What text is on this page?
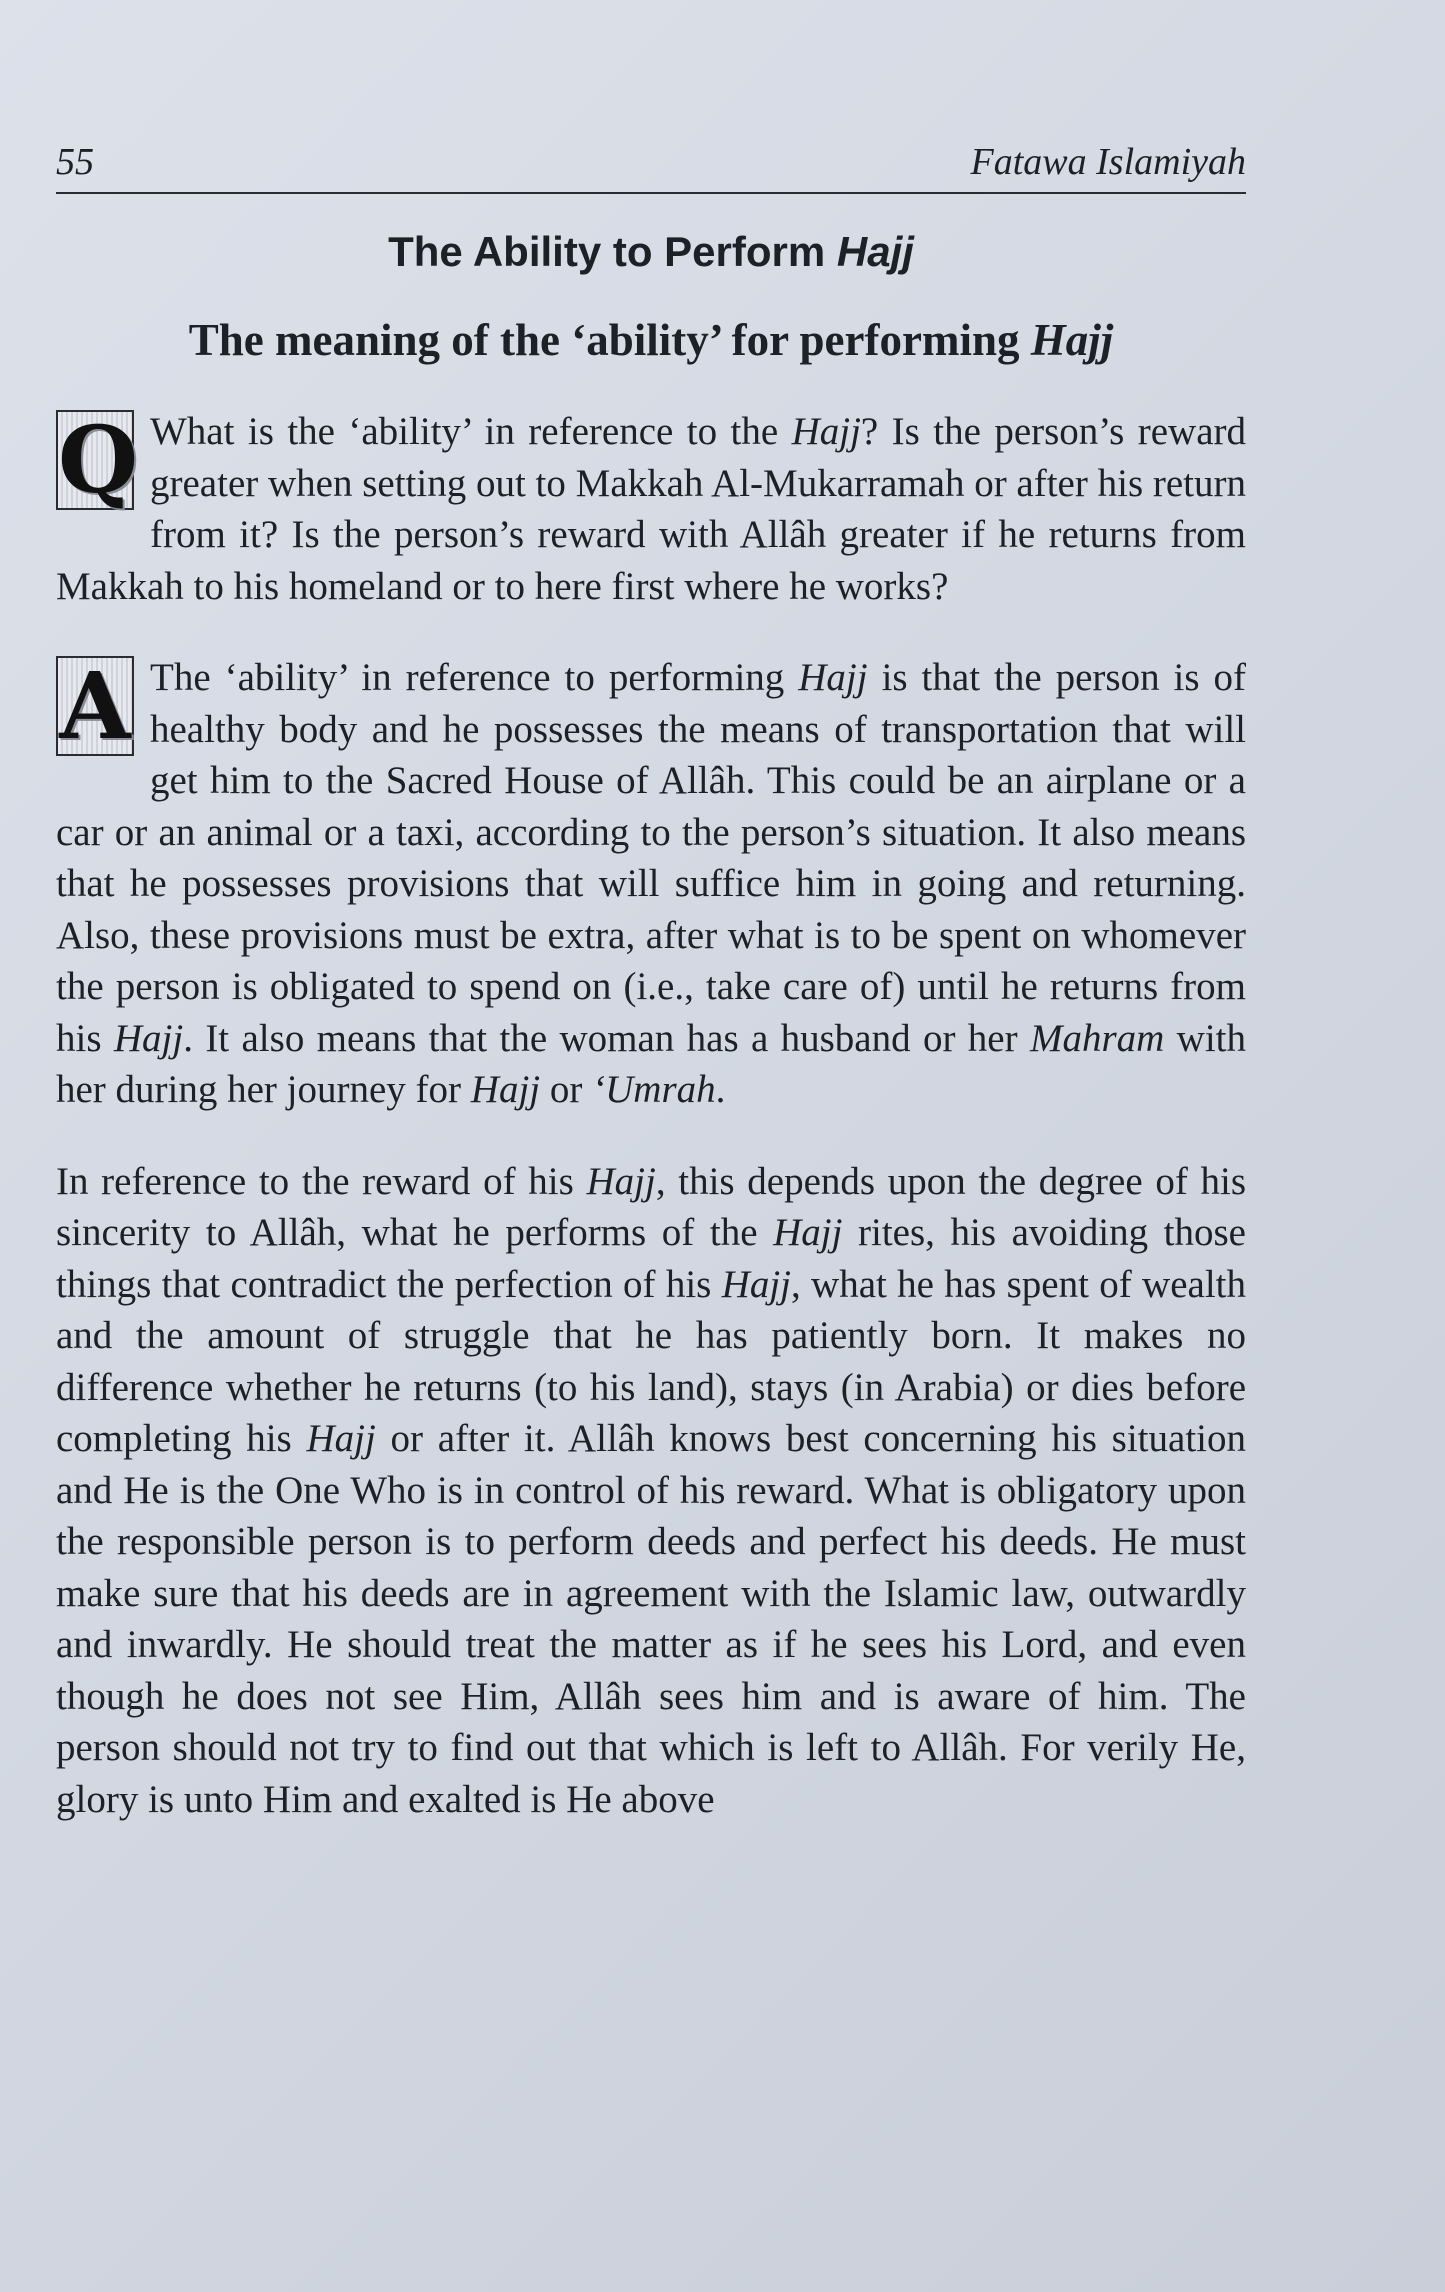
55	Fatawa Islamiyah
The Ability to Perform Hajj
The meaning of the ‘ability’ for performing Hajj

Q What is the ‘ability’ in reference to the Hajj? Is the person’s reward greater when setting out to Makkah Al-Mukarramah or after his return from it? Is the person’s reward with Allâh greater if he returns from Makkah to his homeland or to here first where he works?

A The ‘ability’ in reference to performing Hajj is that the person is of healthy body and he possesses the means of transportation that will get him to the Sacred House of Allâh. This could be an airplane or a car or an animal or a taxi, according to the person’s situation. It also means that he possesses provisions that will suffice him in going and returning. Also, these provisions must be extra, after what is to be spent on whomever the person is obligated to spend on (i.e., take care of) until he returns from his Hajj. It also means that the woman has a husband or her Mahram with her during her journey for Hajj or ‘Umrah.

In reference to the reward of his Hajj, this depends upon the degree of his sincerity to Allâh, what he performs of the Hajj rites, his avoiding those things that contradict the perfection of his Hajj, what he has spent of wealth and the amount of struggle that he has patiently born. It makes no difference whether he returns (to his land), stays (in Arabia) or dies before completing his Hajj or after it. Allâh knows best concerning his situation and He is the One Who is in control of his reward. What is obligatory upon the responsible person is to perform deeds and perfect his deeds. He must make sure that his deeds are in agreement with the Islamic law, outwardly and inwardly. He should treat the matter as if he sees his Lord, and even though he does not see Him, Allâh sees him and is aware of him. The person should not try to find out that which is left to Allâh. For verily He, glory is unto Him and exalted is He above
